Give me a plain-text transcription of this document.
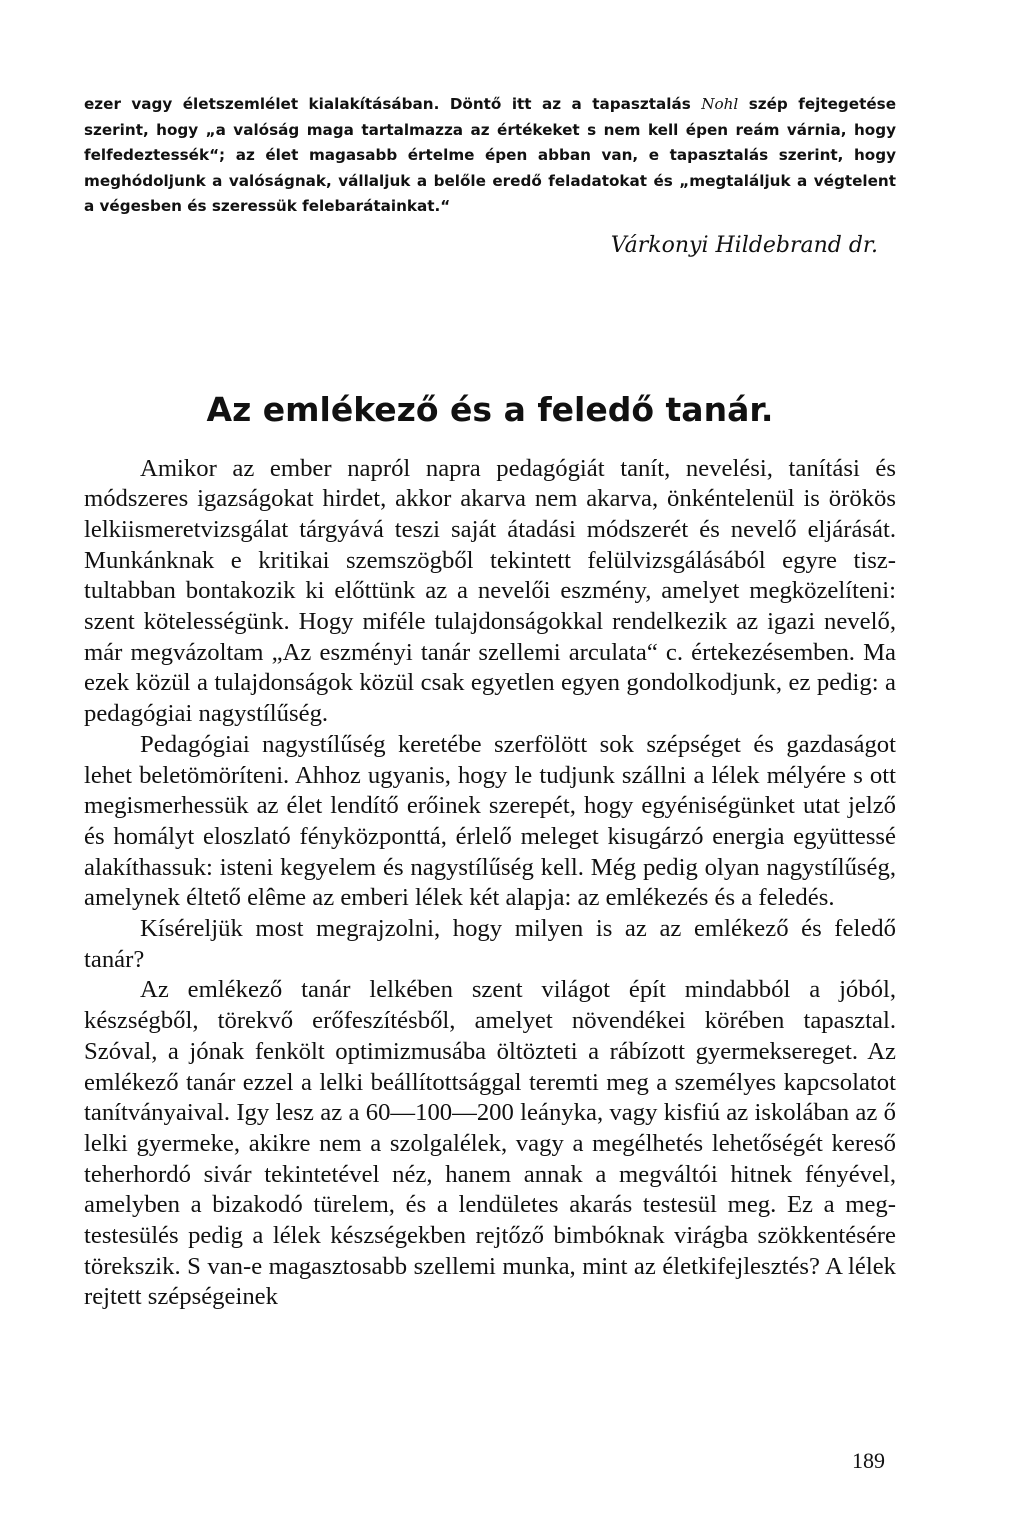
ezer vagy életszemlélet kialakításában. Döntő itt az a tapasztalás Nohl szép fejtegetése szerint, hogy „a valóság maga tartalmazza az értékeket s nem kell épen reám várnia, hogy felfedeztessék“; az élet magasabb értelme épen abban van, e tapasztalás szerint, hogy meghódoljunk a valóságnak, vállaljuk a belőle eredő feladatokat és „megtaláljuk a végtelent a végesben és szeressük felebarátainkat.“

Várkonyi Hildebrand dr.
Az emlékező és a feledő tanár.

Amikor az ember napról napra pedagógiát tanít, nevelési, tanítási és módszeres igazságokat hirdet, akkor akarva nem akarva, önkéntelenül is örökös lelkiismeretvizsgálat tárgyává teszi saját átadási módszerét és nevelő eljárását. Munkánknak e kritikai szemszögből tekintett felülvizsgálásából egyre tisztultabban bontakozik ki előttünk az a nevelői eszmény, amelyet megközelíteni: szent kötelességünk. Hogy miféle tulajdonságokkal rendelkezik az igazi nevelő, már megvázoltam „Az eszményi tanár szellemi arculata“ c. értekezésemben. Ma ezek közül a tulajdonságok közül csak egyetlen egyen gondolkodjunk, ez pedig: a pedagógiai nagystílűség.

Pedagógiai nagystílűség keretébe szerfölött sok szépséget és gazdaságot lehet beletömöríteni. Ahhoz ugyanis, hogy le tudjunk szállni a lélek mélyére s ott megismerhessük az élet lendítő erőinek szerepét, hogy egyéniségünket utat jelző és homályt eloszlató fényközponttá, érlelő meleget kisugárzó energia együttessé alakíthassuk: isteni kegyelem és nagystílűség kell. Még pedig olyan nagystílűség, amelynek éltető elême az emberi lélek két alapja: az emlékezés és a feledés.

Kíséreljük most megrajzolni, hogy milyen is az az emlékező és feledő tanár?

Az emlékező tanár lelkében szent világot épít mindabból a jóból, készségből, törekvő erőfeszítésből, amelyet növendékei körében tapasztal. Szóval, a jónak fenkölt optimizmusába öltözteti a rábízott gyermeksereget. Az emlékező tanár ezzel a lelki beállítottsággal teremti meg a személyes kapcsolatot tanítványaival. Igy lesz az a 60—100—200 leányka, vagy kisfiú az iskolában az ő lelki gyermeke, akikre nem a szolgalélek, vagy a megélhetés lehetőségét kereső teherhordó sivár tekintetével néz, hanem annak a megváltói hitnek fényével, amelyben a bizakodó türelem, és a lendületes akarás testesül meg. Ez a megtestesülés pedig a lélek készségekben rejtőző bimbóknak virágba szökkentésére törekszik. S van-e magasztosabb szellemi munka, mint az életkifejlesztés? A lélek rejtett szépségeinek

189
